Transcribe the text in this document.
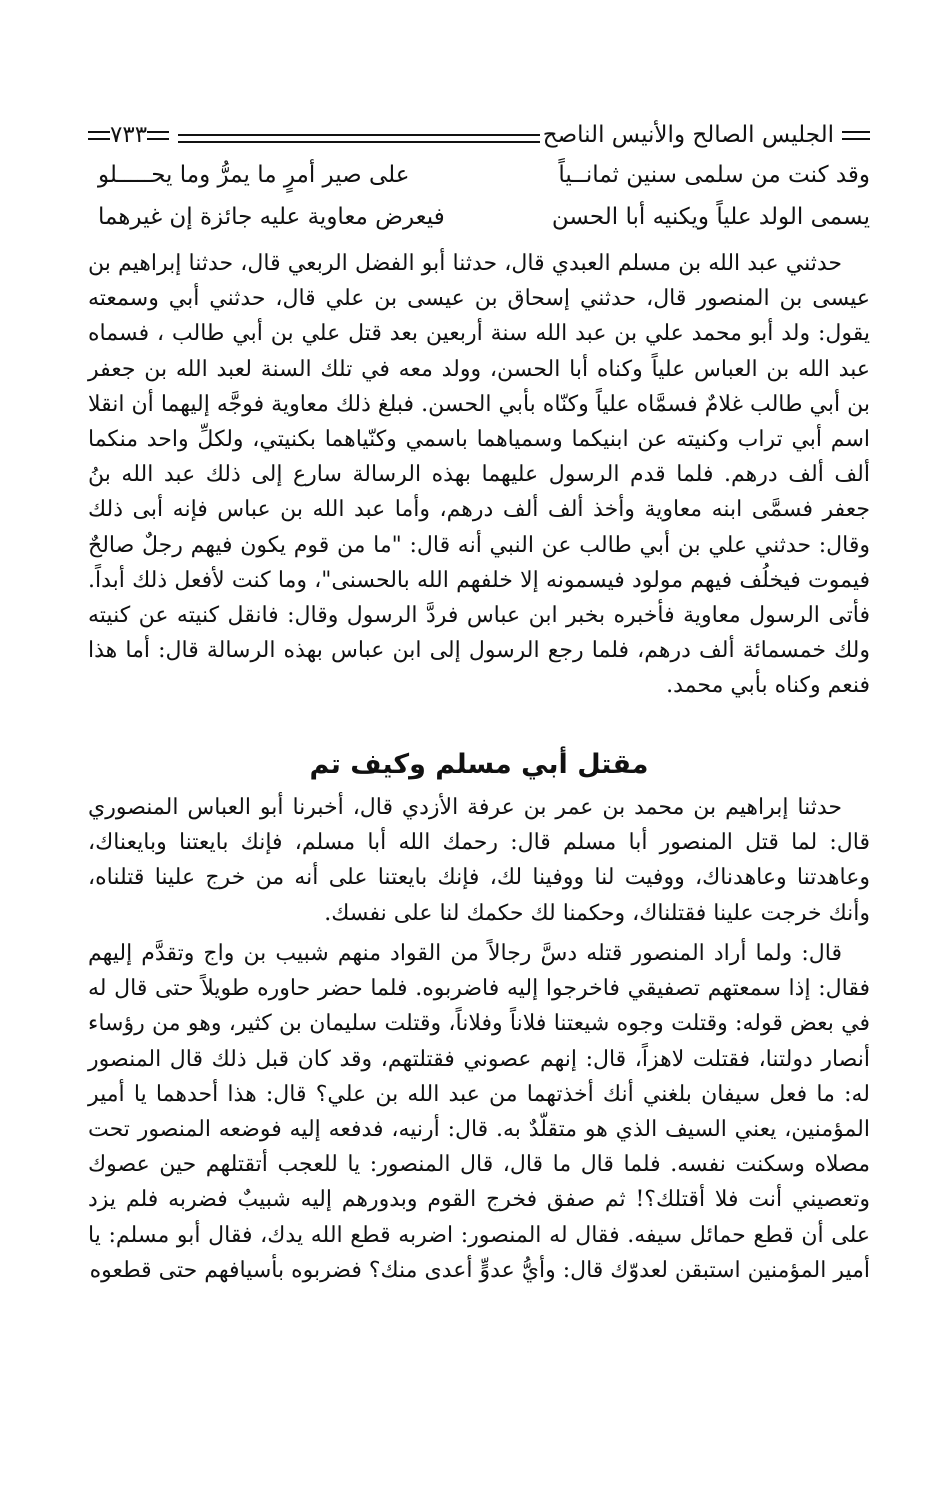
الجليس الصالح والأنيس الناصح
٧٣٣
وقد كنت من سلمى سنين ثمانــياً
على صير أمرٍ ما يمرُّ وما يحـــــلو
يسمى الولد علياً ويكنيه أبا الحسن
فيعرض معاوية عليه جائزة إن غيرهما

حدثني عبد الله بن مسلم العبدي قال، حدثنا أبو الفضل الربعي قال، حدثنا إبراهيم بن عيسى بن المنصور قال، حدثني إسحاق بن عيسى بن علي قال، حدثني أبي وسمعته يقول: ولد أبو محمد علي بن عبد الله سنة أربعين بعد قتل علي بن أبي طالب ، فسماه عبد الله بن العباس علياً وكناه أبا الحسن، وولد معه في تلك السنة لعبد الله بن جعفر بن أبي طالب غلامٌ فسمَّاه علياً وكنّاه بأبي الحسن. فبلغ ذلك معاوية فوجَّه إليهما أن انقلا اسم أبي تراب وكنيته عن ابنيكما وسمياهما باسمي وكنّياهما بكنيتي، ولكلِّ واحد منكما ألف ألف درهم. فلما قدم الرسول عليهما بهذه الرسالة سارع إلى ذلك عبد الله بنُ جعفر فسمَّى ابنه معاوية وأخذ ألف ألف درهم، وأما عبد الله بن عباس فإنه أبى ذلك وقال: حدثني علي بن أبي طالب عن النبي أنه قال: "ما من قوم يكون فيهم رجلٌ صالحٌ فيموت فيخلُف فيهم مولود فيسمونه إلا خلفهم الله بالحسنى"، وما كنت لأفعل ذلك أبداً. فأتى الرسول معاوية فأخبره بخبر ابن عباس فردَّ الرسول وقال: فانقل كنيته عن كنيته ولك خمسمائة ألف درهم، فلما رجع الرسول إلى ابن عباس بهذه الرسالة قال: أما هذا فنعم وكناه بأبي محمد.

مقتل أبي مسلم وكيف تم

حدثنا إبراهيم بن محمد بن عمر بن عرفة الأزدي قال، أخبرنا أبو العباس المنصوري قال: لما قتل المنصور أبا مسلم قال: رحمك الله أبا مسلم، فإنك بايعتنا وبايعناك، وعاهدتنا وعاهدناك، ووفيت لنا ووفينا لك، فإنك بايعتنا على أنه من خرج علينا قتلناه، وأنك خرجت علينا فقتلناك، وحكمنا لك حكمك لنا على نفسك.

قال: ولما أراد المنصور قتله دسَّ رجالاً من القواد منهم شبيب بن واج وتقدَّم إليهم فقال: إذا سمعتهم تصفيقي فاخرجوا إليه فاضربوه. فلما حضر حاوره طويلاً حتى قال له في بعض قوله: وقتلت وجوه شيعتنا فلاناً وفلاناً، وقتلت سليمان بن كثير، وهو من رؤساء أنصار دولتنا، فقتلت لاهزاً، قال: إنهم عصوني فقتلتهم، وقد كان قبل ذلك قال المنصور له: ما فعل سيفان بلغني أنك أخذتهما من عبد الله بن علي؟ قال: هذا أحدهما يا أمير المؤمنين، يعني السيف الذي هو متقلّدٌ به. قال: أرنيه، فدفعه إليه فوضعه المنصور تحت مصلاه وسكنت نفسه. فلما قال ما قال، قال المنصور: يا للعجب أتقتلهم حين عصوك وتعصيني أنت فلا أقتلك؟! ثم صفق فخرج القوم وبدورهم إليه شبيبٌ فضربه فلم يزد على أن قطع حمائل سيفه. فقال له المنصور: اضربه قطع الله يدك، فقال أبو مسلم: يا أمير المؤمنين استبقن لعدوّك قال: وأيُّ عدوٍّ أعدى منك؟ فضربوه بأسيافهم حتى قطعوه
